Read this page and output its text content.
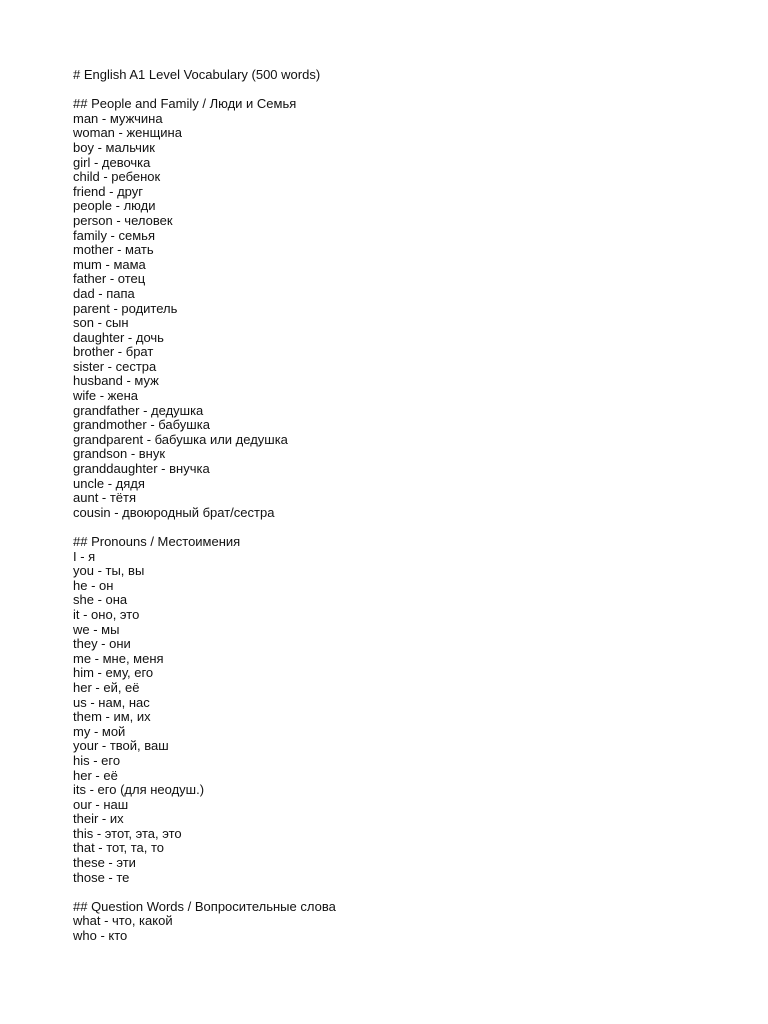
# English A1 Level Vocabulary (500 words)
## People and Family / Люди и Семья
man - мужчина
woman - женщина
boy - мальчик
girl - девочка
child - ребенок
friend - друг
people - люди
person - человек
family - семья
mother - мать
mum - мама
father - отец
dad - папа
parent - родитель
son - сын
daughter - дочь
brother - брат
sister - сестра
husband - муж
wife - жена
grandfather - дедушка
grandmother - бабушка
grandparent - бабушка или дедушка
grandson - внук
granddaughter - внучка
uncle - дядя
aunt - тётя
cousin - двоюродный брат/сестра
## Pronouns / Местоимения
I - я
you - ты, вы
he - он
she - она
it - оно, это
we - мы
they - они
me - мне, меня
him - ему, его
her - ей, её
us - нам, нас
them - им, их
my - мой
your - твой, ваш
his - его
her - её
its - его (для неодуш.)
our - наш
their - их
this - этот, эта, это
that - тот, та, то
these - эти
those - те
## Question Words / Вопросительные слова
what - что, какой
who - кто
